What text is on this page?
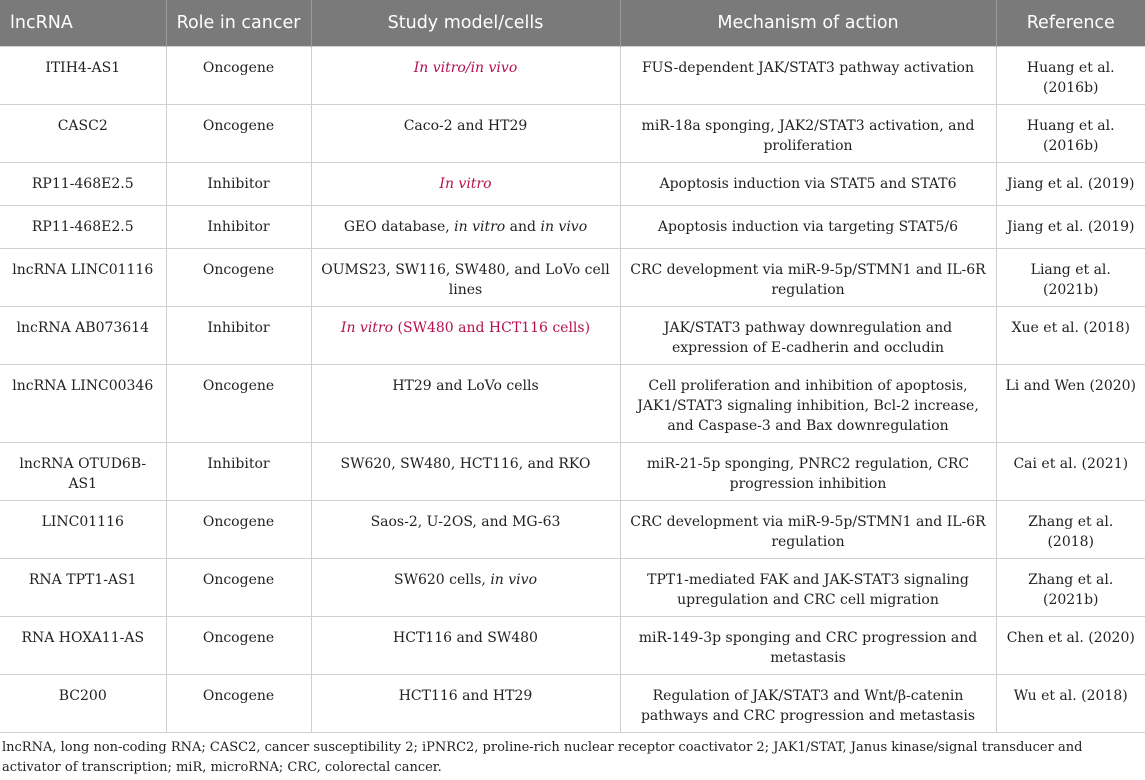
lncRNA	Role in cancer	Study model/cells	Mechanism of action	Reference
ITIH4-AS1	Oncogene	In vitro/in vivo	FUS-dependent JAK/STAT3 pathway activation	Huang et al. (2016b)
CASC2	Oncogene	Caco-2 and HT29	miR-18a sponging, JAK2/STAT3 activation, and proliferation	Huang et al. (2016b)
RP11-468E2.5	Inhibitor	In vitro	Apoptosis induction via STAT5 and STAT6	Jiang et al. (2019)
RP11-468E2.5	Inhibitor	GEO database, in vitro and in vivo	Apoptosis induction via targeting STAT5/6	Jiang et al. (2019)
lncRNA LINC01116	Oncogene	OUMS23, SW116, SW480, and LoVo cell lines	CRC development via miR-9-5p/STMN1 and IL-6R regulation	Liang et al. (2021b)
lncRNA AB073614	Inhibitor	In vitro (SW480 and HCT116 cells)	JAK/STAT3 pathway downregulation and expression of E-cadherin and occludin	Xue et al. (2018)
lncRNA LINC00346	Oncogene	HT29 and LoVo cells	Cell proliferation and inhibition of apoptosis, JAK1/STAT3 signaling inhibition, Bcl-2 increase, and Caspase-3 and Bax downregulation	Li and Wen (2020)
lncRNA OTUD6B-AS1	Inhibitor	SW620, SW480, HCT116, and RKO	miR-21-5p sponging, PNRC2 regulation, CRC progression inhibition	Cai et al. (2021)
LINC01116	Oncogene	Saos-2, U-2OS, and MG-63	CRC development via miR-9-5p/STMN1 and IL-6R regulation	Zhang et al. (2018)
RNA TPT1-AS1	Oncogene	SW620 cells, in vivo	TPT1-mediated FAK and JAK-STAT3 signaling upregulation and CRC cell migration	Zhang et al. (2021b)
RNA HOXA11-AS	Oncogene	HCT116 and SW480	miR-149-3p sponging and CRC progression and metastasis	Chen et al. (2020)
BC200	Oncogene	HCT116 and HT29	Regulation of JAK/STAT3 and Wnt/β-catenin pathways and CRC progression and metastasis	Wu et al. (2018)
lncRNA, long non-coding RNA; CASC2, cancer susceptibility 2; iPNRC2, proline-rich nuclear receptor coactivator 2; JAK1/STAT, Janus kinase/signal transducer and activator of transcription; miR, microRNA; CRC, colorectal cancer.
